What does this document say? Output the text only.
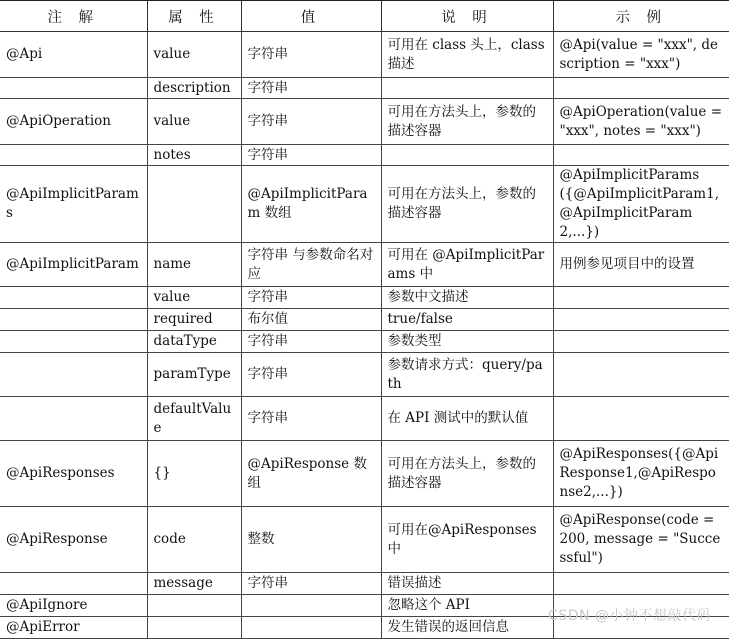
注 解	属 性	值	说 明	示 例
@Api	value	字符串	可用在 class 头上，class 描述	@Api(value = "xxx", description = "xxx")
	description	字符串		
@ApiOperation	value	字符串	可用在方法头上，参数的描述容器	@ApiOperation(value = "xxx", notes = "xxx")
	notes	字符串		
@ApiImplicitParams		@ApiImplicitParam 数组	可用在方法头上，参数的描述容器	@ApiImplicitParams({@ApiImplicitParam1,@ApiImplicitParam2,...})
@ApiImplicitParam	name	字符串 与参数命名对应	可用在 @ApiImplicitParams 中	用例参见项目中的设置
	value	字符串	参数中文描述	
	required	布尔值	true/false	
	dataType	字符串	参数类型	
	paramType	字符串	参数请求方式：query/path	
	defaultValue	字符串	在 API 测试中的默认值	
@ApiResponses	{}	@ApiResponse 数组	可用在方法头上，参数的描述容器	@ApiResponses({@ApiResponse1,@ApiResponse2,...})
@ApiResponse	code	整数	可用在@ApiResponses 中	@ApiResponse(code = 200, message = "Successful")
	message	字符串	错误描述	
@ApiIgnore			忽略这个 API	
@ApiError			发生错误的返回信息	
CSDN @小钟不想敲代码
